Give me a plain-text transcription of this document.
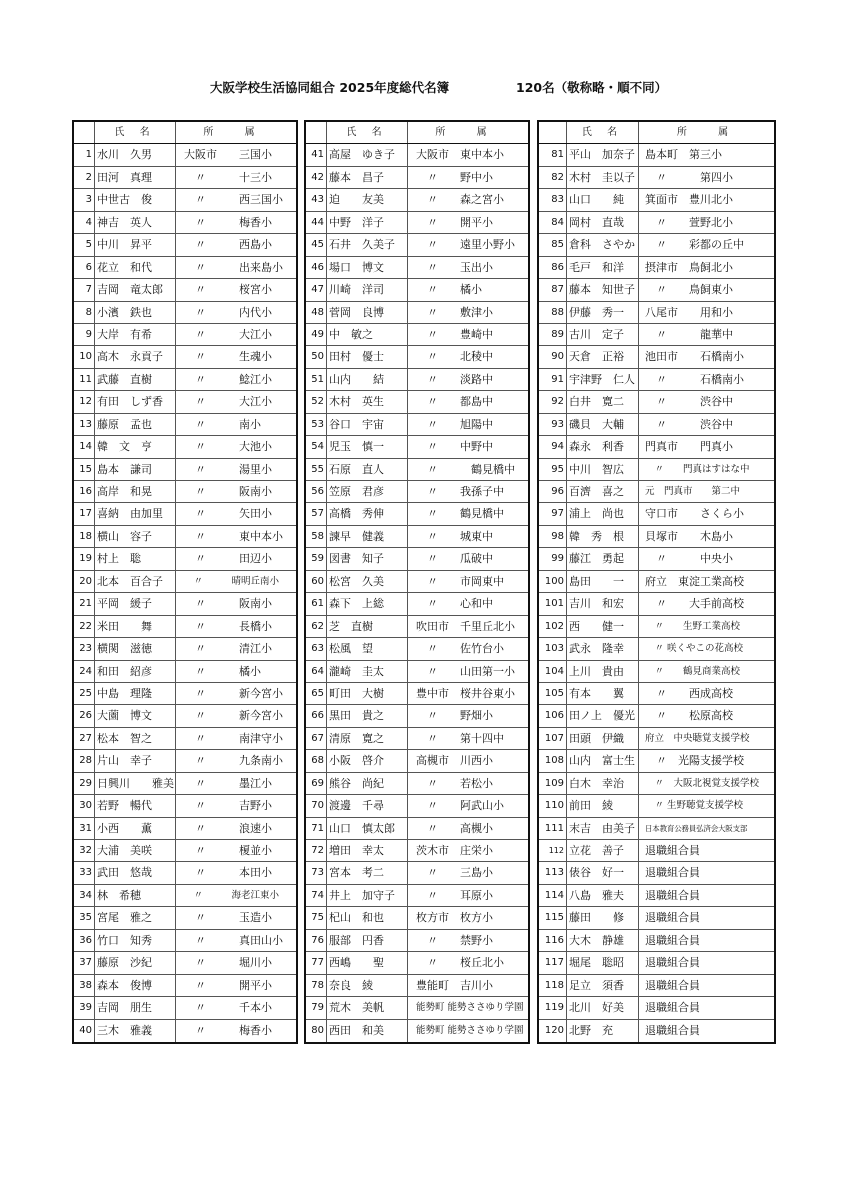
大阪学校生活協同組合 2025年度総代名簿	120名（敬称略・順不同）
氏 名	所 属
1 水川　久男	大阪市　　三国小
2 田河　真理	　〃　　　十三小
3 中世古　俊	　〃　　　西三国小
4 神吉　英人	　〃　　　梅香小
5 中川　昇平	　〃　　　西島小
6 花立　和代	　〃　　　出来島小
7 吉岡　竜太郎	　〃　　　桜宮小
8 小濱　鉄也	　〃　　　内代小
9 大岸　有希	　〃　　　大江小
10 高木　永貢子	　〃　　　生魂小
11 武藤　直樹	　〃　　　鯰江小
12 有田　しず香	　〃　　　大江小
13 藤原　孟也	　〃　　　南小
14 韓　文　亨	　〃　　　大池小
15 島本　謙司	　〃　　　湯里小
16 高岸　和晃	　〃　　　阪南小
17 喜納　由加里	　〃　　　矢田小
18 横山　容子	　〃　　　東中本小
19 村上　聡	　〃　　　田辺小
20 北本　百合子	　〃　　　晴明丘南小
21 平岡　緩子	　〃　　　阪南小
22 米田　　舞	　〃　　　長橋小
23 横関　滋徳	　〃　　　清江小
24 和田　紹彦	　〃　　　橘小
25 中島　理隆	　〃　　　新今宮小
26 大薗　博文	　〃　　　新今宮小
27 松本　智之	　〃　　　南津守小
28 片山　幸子	　〃　　　九条南小
29 日興川　　雅美 　〃　　　墨江小
30 若野　暢代	　〃　　　吉野小
31 小西　　薫	　〃　　　浪速小
32 大浦　美咲	　〃　　　榎並小
33 武田　悠哉	　〃　　　本田小
34 林　希穂	　〃　　　海老江東小
35 宮尾　雅之	　〃　　　玉造小
36 竹口　知秀	　〃　　　真田山小
37 藤原　沙紀	　〃　　　堀川小
38 森本　俊博	　〃　　　開平小
39 吉岡　朋生	　〃　　　千本小
40 三木　雅義	　〃　　　梅香小
氏 名	所 属
41 高屋　ゆき子	大阪市　東中本小
42 藤本　昌子	　〃　　野中小
43 迫　　友美	　〃　　森之宮小
44 中野　洋子	　〃　　開平小
45 石井　久美子	　〃　　遠里小野小
46 場口　博文	　〃　　玉出小
47 川崎　洋司	　〃　　橘小
48 菅岡　良博	　〃　　敷津小
49 中　敏之	　〃　　豊崎中
50 田村　優士	　〃　　北稜中
51 山内　　結	　〃　　淡路中
52 木村　英生	　〃　　都島中
53 谷口　宇宙	　〃　　旭陽中
54 児玉　慎一	　〃　　中野中
55 石原　直人	　〃　　　鶴見橋中
56 笠原　君彦	　〃　　我孫子中
57 高橋　秀伸	　〃　　鶴見橋中
58 諫早　健義	　〃　　城東中
59 図書　知子	　〃　　瓜破中
60 松宮　久美	　〃　　市岡東中
61 森下　上総	　〃　　心和中
62 芝　直樹	吹田市　千里丘北小
63 松風　望	　〃　　佐竹台小
64 瀧崎　圭太	　〃　　山田第一小
65 町田　大樹	豊中市　桜井谷東小
66 黒田　貴之	　〃　　野畑小
67 清原　寛之	　〃　　第十四中
68 小阪　啓介	高槻市　川西小
69 熊谷　尚紀	　〃　　若松小
70 渡邊　千尋	　〃　　阿武山小
71 山口　慎太郎	　〃　　高槻小
72 増田　幸太	茨木市　庄栄小
73 宮本　考二	　〃　　三島小
74 井上　加守子	　〃　　耳原小
75 杞山　和也	枚方市　枚方小
76 服部　円香	　〃　　禁野小
77 西嶋　　聖	　〃　　桜丘北小
78 奈良　綾	豊能町　吉川小
79 荒木　美帆	能勢町 能勢ささゆり学園
80 西田　和美	能勢町 能勢ささゆり学園
氏 名	所 属
81 平山　加奈子 島本町　第三小
82 木村　圭以子 　〃　　　第四小
83 山口　　純	箕面市　豊川北小
84 岡村　直哉	　〃　　萱野北小
85 倉科　さやか 　〃　　彩都の丘中
86 毛戸　和洋	摂津市　鳥飼北小
87 藤本　知世子 　〃　　鳥飼東小
88 伊藤　秀一	八尾市　　用和小
89 古川　定子	　〃　　　龍華中
90 天倉　正裕	池田市　　石橋南小
91 宇津野　仁人 　〃　　　石橋南小
92 白井　寛二	　〃　　　渋谷中
93 磯貝　大輔	　〃　　　渋谷中
94 森永　利香	門真市　　門真小
95 中川　智広	　〃　　門真はすはな中
96 百濟　喜之	元　門真市　　第二中
97 浦上　尚也	守口市　　さくら小
98 韓　秀　根	貝塚市　　木島小
99 藤江　勇起	　〃　　　中央小
100 島田　　一	府立　東淀工業高校
101 吉川　和宏	　〃　　大手前高校
102 西　　健一	　〃　　生野工業高校
103 武永　隆幸	　〃 咲くやこの花高校
104 上川　貴由	　〃　　鶴見商業高校
105 有本　　翼	　〃　　西成高校
106 田ノ上　優光 　〃　　松原高校
107 田頭　伊織	府立　中央聴覚支援学校
108 山内　富士生 　〃　光陽支援学校
109 白木　幸治	　〃　大阪北視覚支援学校
110 前田　綾	　〃 生野聴覚支援学校
111 末吉　由美子	日本教育公務員弘済会大阪支部
112 立花　善子	退職組合員
113 俵谷　好一	退職組合員
114 八島　雅夫	退職組合員
115 藤田　　修	退職組合員
116 大木　静雄	退職組合員
117 堀尾　聡昭	退職組合員
118 足立　須香	退職組合員
119 北川　好美	退職組合員
120 北野　充	退職組合員
